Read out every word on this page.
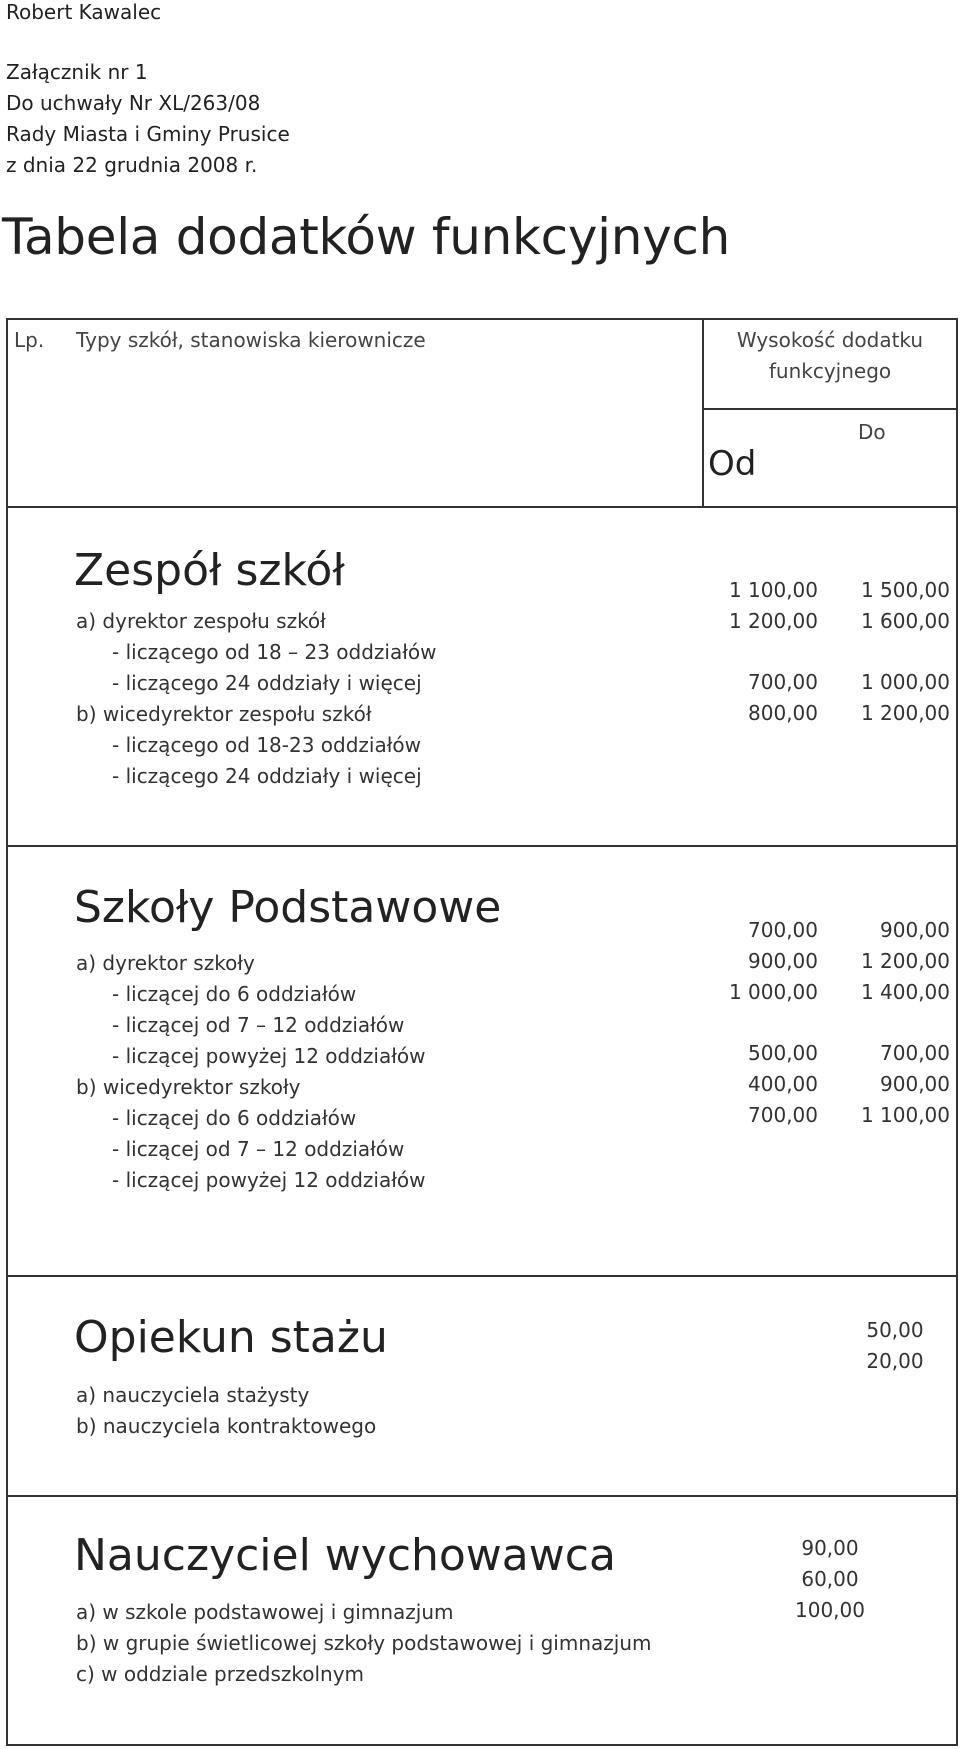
Robert Kawalec
Załącznik nr 1
Do uchwały Nr XL/263/08
Rady Miasta i Gminy Prusice
z dnia 22 grudnia 2008 r.
Tabela dodatków funkcyjnych
Lp. Typy szkół, stanowiska kierownicze	Wysokość dodatku
funkcyjnego
Do
Od
Zespół szkół
a) dyrektor zespołu szkół
- liczącego od 18 – 23 oddziałów
- liczącego 24 oddziały i więcej
b) wicedyrektor zespołu szkół
- liczącego od 18-23 oddziałów
- liczącego 24 oddziały i więcej
1 100,00
1 200,00
700,00
800,00
1 500,00
1 600,00
1 000,00
1 200,00
Szkoły Podstawowe
a) dyrektor szkoły
- liczącej do 6 oddziałów
- liczącej od 7 – 12 oddziałów
- liczącej powyżej 12 oddziałów
b) wicedyrektor szkoły
- liczącej do 6 oddziałów
- liczącej od 7 – 12 oddziałów
- liczącej powyżej 12 oddziałów
700,00
900,00
1 000,00
500,00
400,00
700,00
900,00
1 200,00
1 400,00
700,00
900,00
1 100,00
Opiekun stażu
a) nauczyciela stażysty
b) nauczyciela kontraktowego
50,00
20,00
Nauczyciel wychowawca
a) w szkole podstawowej i gimnazjum
b) w grupie świetlicowej szkoły podstawowej i gimnazjum
c) w oddziale przedszkolnym
90,00
60,00
100,00
